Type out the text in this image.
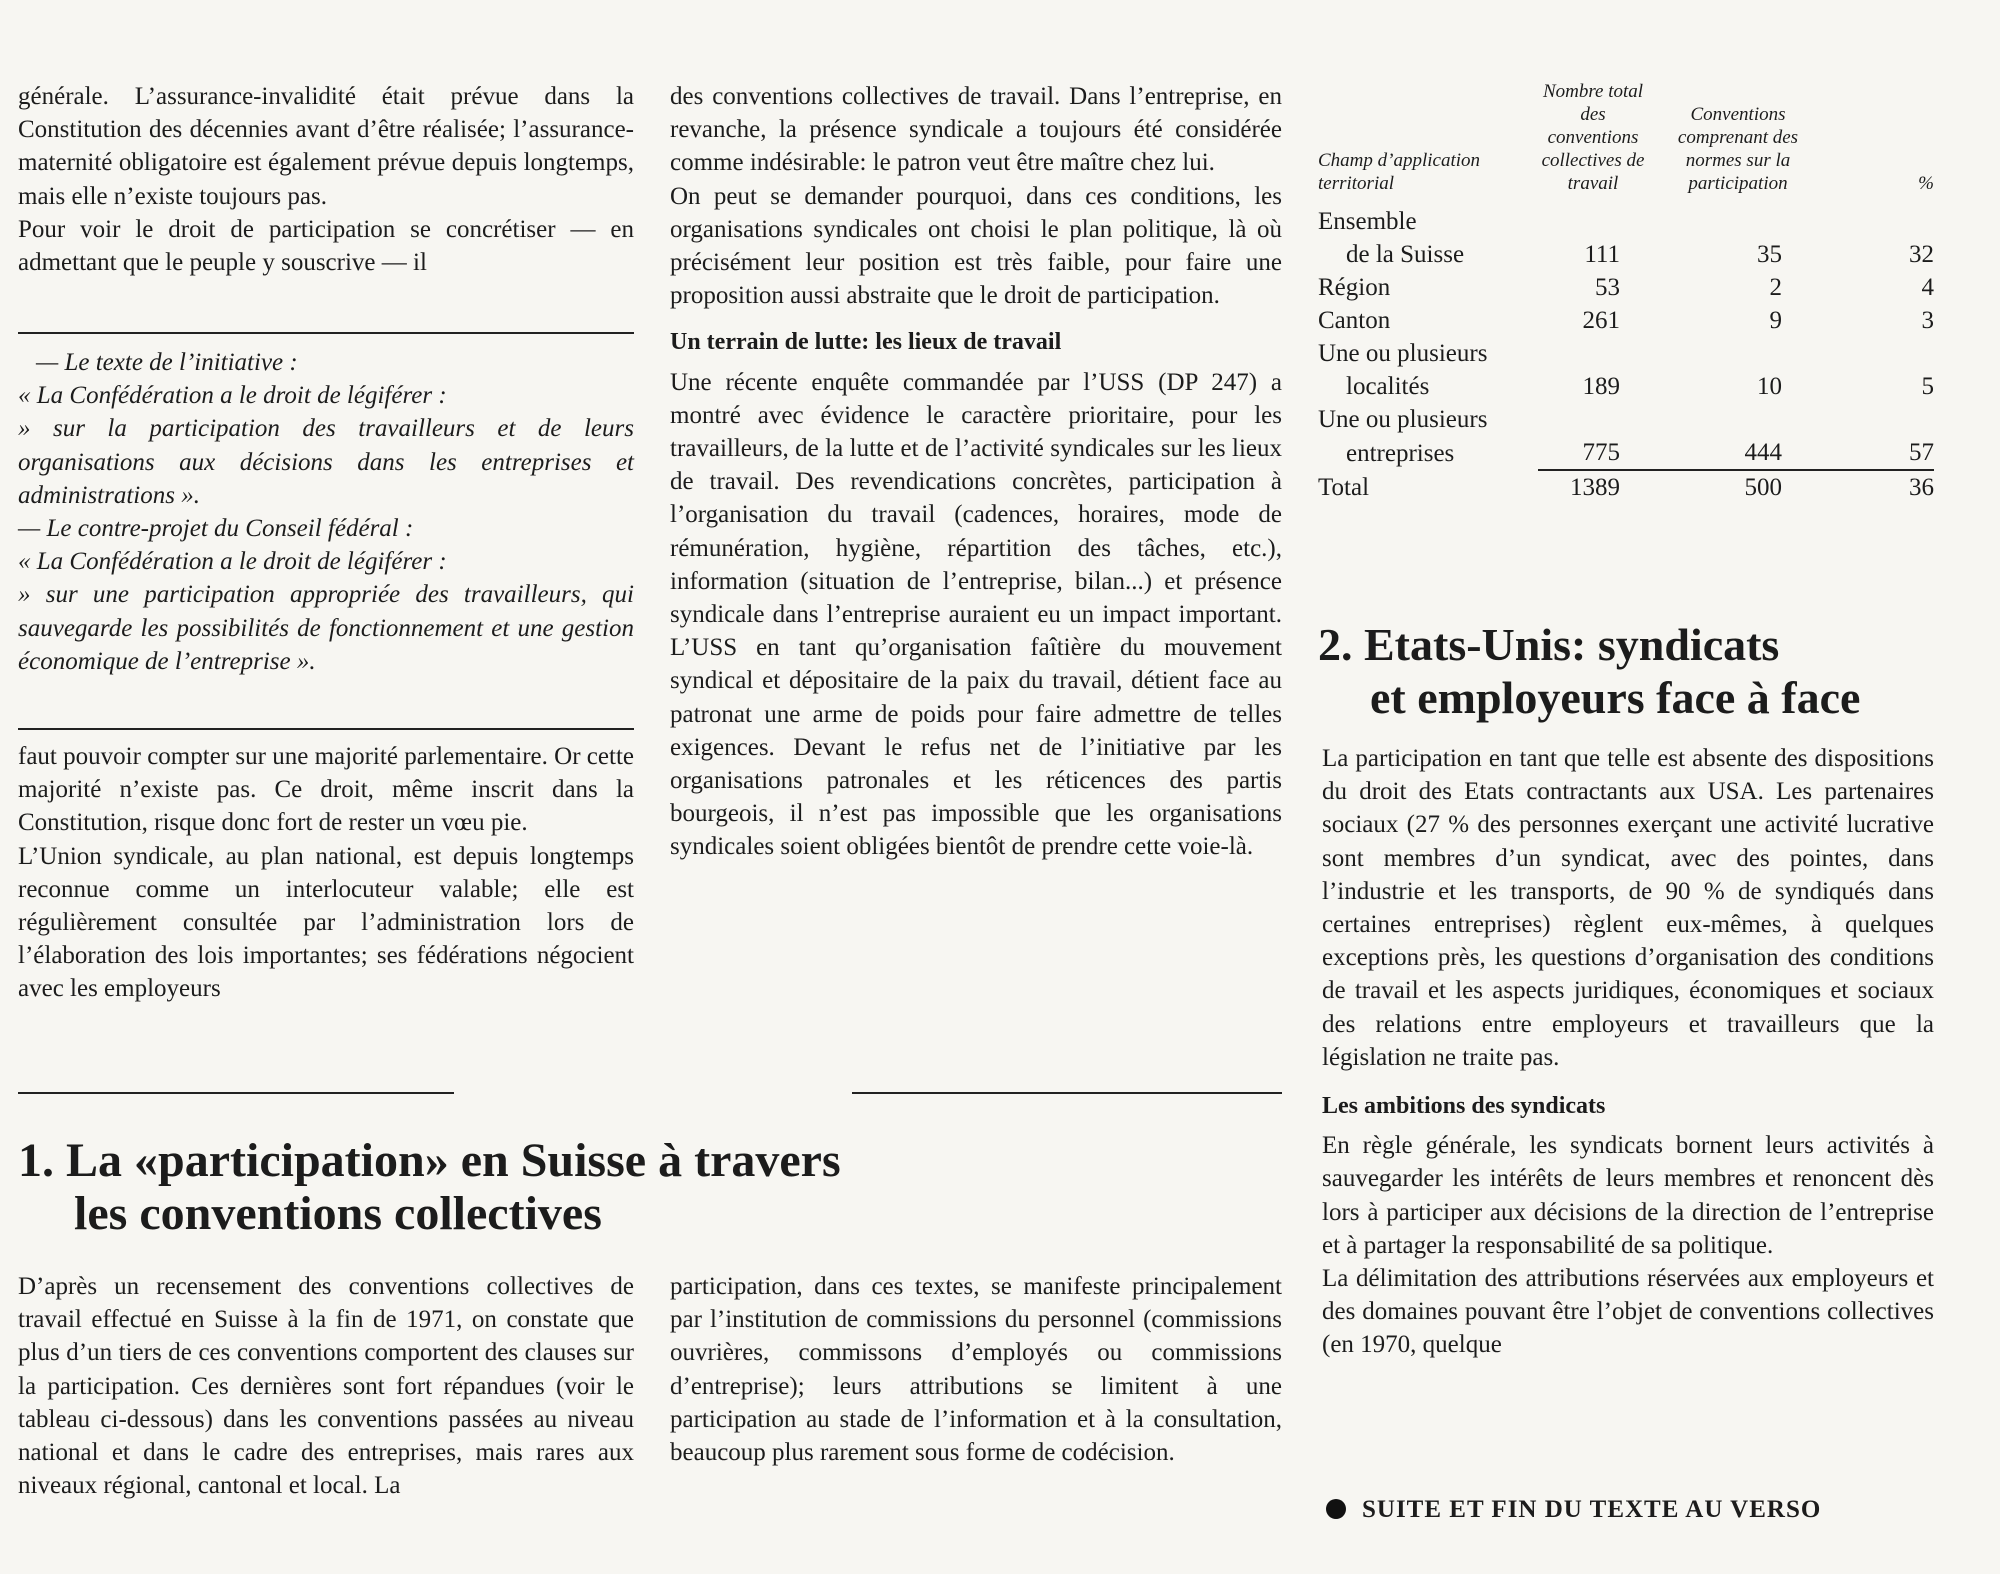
générale. L’assurance-invalidité était prévue dans la Constitution des décennies avant d’être réalisée; l’assurance-maternité obligatoire est également prévue depuis longtemps, mais elle n’existe toujours pas.

Pour voir le droit de participation se concrétiser — en admettant que le peuple y souscrive — il

— Le texte de l’initiative :

« La Confédération a le droit de légiférer :

» sur la participation des travailleurs et de leurs organisations aux décisions dans les entreprises et administrations ».

— Le contre-projet du Conseil fédéral :

« La Confédération a le droit de légiférer :

» sur une participation appropriée des travailleurs, qui sauvegarde les possibilités de fonctionnement et une gestion économique de l’entreprise ».

faut pouvoir compter sur une majorité parlementaire. Or cette majorité n’existe pas. Ce droit, même inscrit dans la Constitution, risque donc fort de rester un vœu pie.

L’Union syndicale, au plan national, est depuis longtemps reconnue comme un interlocuteur valable; elle est régulièrement consultée par l’administration lors de l’élaboration des lois importantes; ses fédérations négocient avec les employeurs

des conventions collectives de travail. Dans l’entreprise, en revanche, la présence syndicale a toujours été considérée comme indésirable: le patron veut être maître chez lui.

On peut se demander pourquoi, dans ces conditions, les organisations syndicales ont choisi le plan politique, là où précisément leur position est très faible, pour faire une proposition aussi abstraite que le droit de participation.

Un terrain de lutte: les lieux de travail

Une récente enquête commandée par l’USS (DP 247) a montré avec évidence le caractère prioritaire, pour les travailleurs, de la lutte et de l’activité syndicales sur les lieux de travail. Des revendications concrètes, participation à l’organisation du travail (cadences, horaires, mode de rémunération, hygiène, répartition des tâches, etc.), information (situation de l’entreprise, bilan...) et présence syndicale dans l’entreprise auraient eu un impact important. L’USS en tant qu’organisation faîtière du mouvement syndical et dépositaire de la paix du travail, détient face au patronat une arme de poids pour faire admettre de telles exigences. Devant le refus net de l’initiative par les organisations patronales et les réticences des partis bourgeois, il n’est pas impossible que les organisations syndicales soient obligées bientôt de prendre cette voie-là.

Champ d’application territorial	Nombre total des conventions collectives de travail	Conventions comprenant des normes sur la participation	%
Ensemble			
de la Suisse	111	35	32
Région	53	2	4
Canton	261	9	3
Une ou plusieurs			
localités	189	10	5
Une ou plusieurs			
entreprises	775	444	57
Total	1389	500	36
2. Etats-Unis: syndicats
et employeurs face à face

La participation en tant que telle est absente des dispositions du droit des Etats contractants aux USA. Les partenaires sociaux (27 % des personnes exerçant une activité lucrative sont membres d’un syndicat, avec des pointes, dans l’industrie et les transports, de 90 % de syndiqués dans certaines entreprises) règlent eux-mêmes, à quelques exceptions près, les questions d’organisation des conditions de travail et les aspects juridiques, économiques et sociaux des relations entre employeurs et travailleurs que la législation ne traite pas.

Les ambitions des syndicats

En règle générale, les syndicats bornent leurs activités à sauvegarder les intérêts de leurs membres et renoncent dès lors à participer aux décisions de la direction de l’entreprise et à partager la responsabilité de sa politique.

La délimitation des attributions réservées aux employeurs et des domaines pouvant être l’objet de conventions collectives (en 1970, quelque

SUITE ET FIN DU TEXTE AU VERSO
1. La «participation» en Suisse à travers
les conventions collectives

D’après un recensement des conventions collectives de travail effectué en Suisse à la fin de 1971, on constate que plus d’un tiers de ces conventions comportent des clauses sur la participation. Ces dernières sont fort répandues (voir le tableau ci-dessous) dans les conventions passées au niveau national et dans le cadre des entreprises, mais rares aux niveaux régional, cantonal et local. La

participation, dans ces textes, se manifeste principalement par l’institution de commissions du personnel (commissions ouvrières, commissons d’employés ou commissions d’entreprise); leurs attributions se limitent à une participation au stade de l’information et à la consultation, beaucoup plus rarement sous forme de codécision.
